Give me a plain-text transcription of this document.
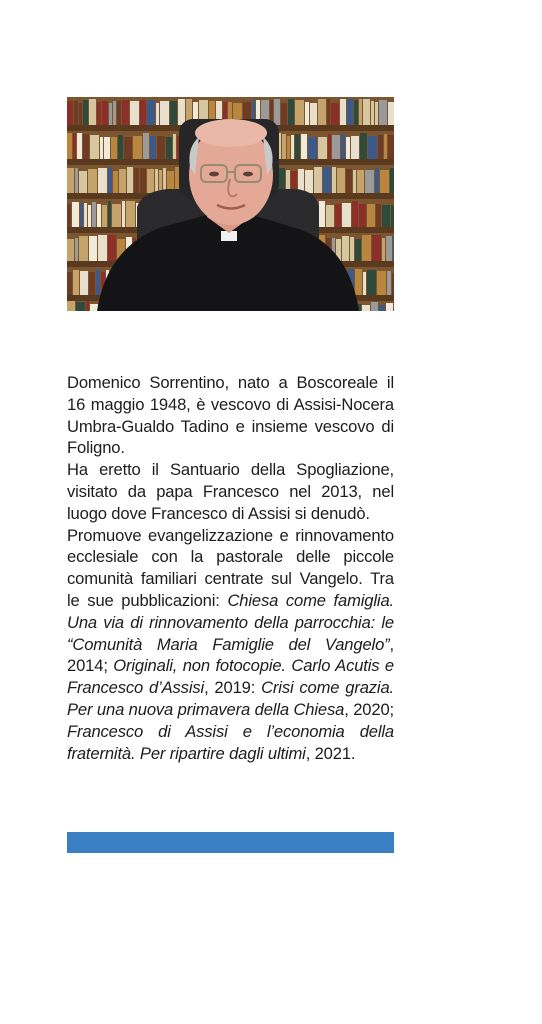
Domenico Sorrentino, nato a Boscoreale il 16 maggio 1948, è vescovo di Assisi-Nocera Umbra-Gualdo Tadino e insieme vescovo di Foligno.

Ha eretto il Santuario della Spogliazione, visitato da papa Francesco nel 2013, nel luogo dove Francesco di Assisi si denudò.

Promuove evangelizzazione e rinnovamento ecclesiale con la pastorale delle piccole comunità familiari centrate sul Vangelo. Tra le sue pubblicazioni: Chiesa come famiglia. Una via di rinnovamento della parrocchia: le “Comunità Maria Famiglie del Vangelo”, 2014; Originali, non fotocopie. Carlo Acutis e Francesco d’Assisi, 2019: Crisi come grazia. Per una nuova primavera della Chiesa, 2020; Francesco di Assisi e l’economia della fraternità. Per ripartire dagli ultimi, 2021.
